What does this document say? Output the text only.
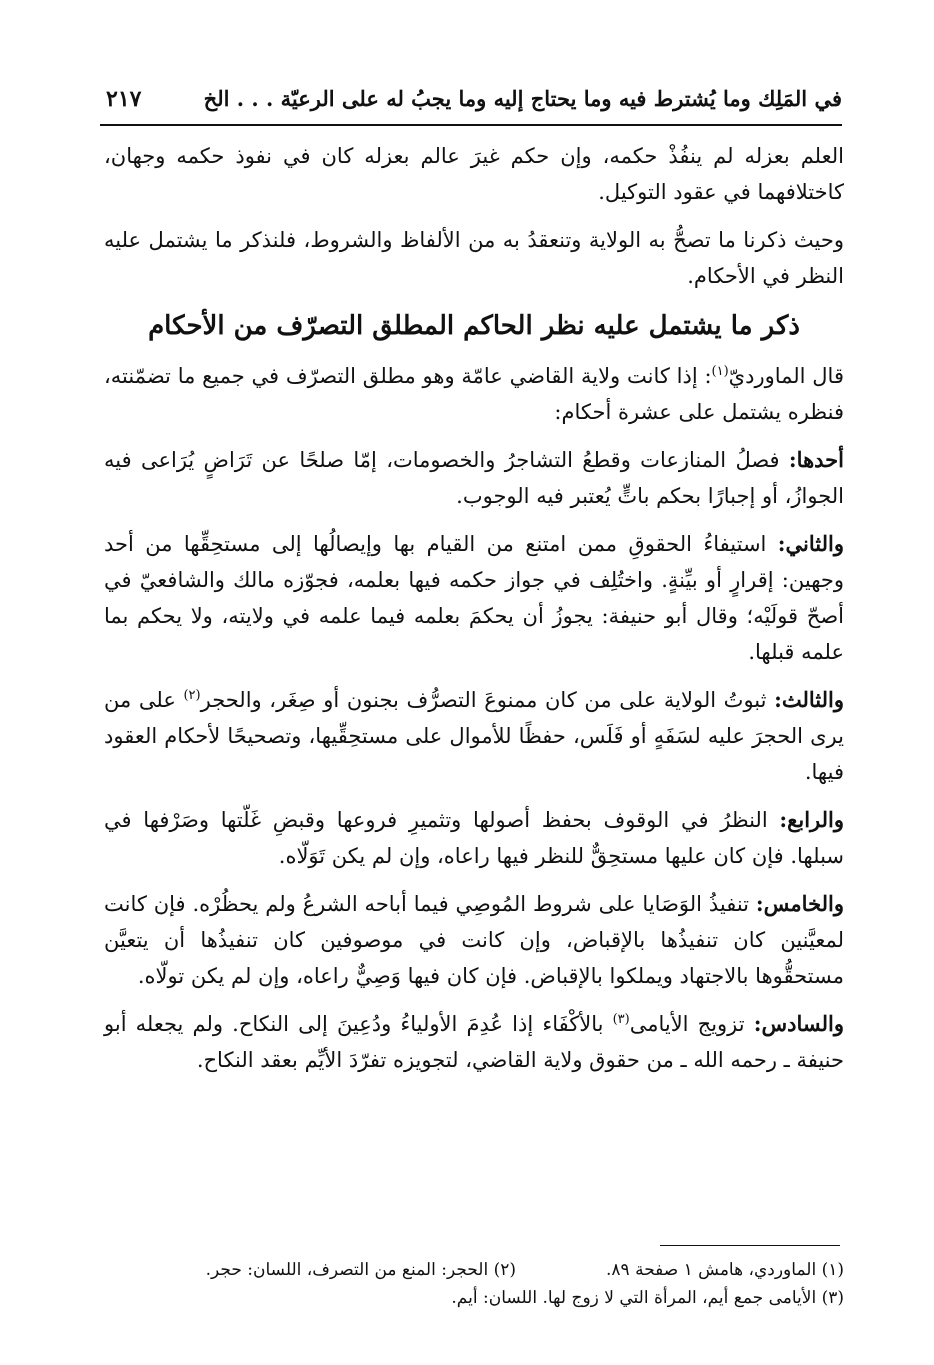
في المَلِك وما يُشترط فيه وما يحتاج إليه وما يجبُ له على الرعيّة . . . الخ
٢١٧

العلم بعزله لم ينفُذْ حكمه، وإن حكم غيرَ عالم بعزله كان في نفوذ حكمه وجهان، كاختلافهما في عقود التوكيل.

وحيث ذكرنا ما تصحُّ به الولاية وتنعقدُ به من الألفاظ والشروط، فلنذكر ما يشتمل عليه النظر في الأحكام.

ذكر ما يشتمل عليه نظر الحاكم المطلق التصرّف من الأحكام

قال الماورديّ$^{(١)}$: إذا كانت ولاية القاضي عامّة وهو مطلق التصرّف في جميع ما تضمّنته، فنظره يشتمل على عشرة أحكام:

أحدها: فصلُ المنازعات وقطعُ التشاجرُ والخصومات، إمّا صلحًا عن تَرَاضٍ يُرَاعى فيه الجوازُ، أو إجبارًا بحكم باتٍّ يُعتبر فيه الوجوب.

والثاني: استيفاءُ الحقوقِ ممن امتنع من القيام بها وإيصالُها إلى مستحِقِّها من أحد وجهين: إقرارٍ أو بيِّنةٍ. واختُلِف في جواز حكمه فيها بعلمه، فجوّزه مالك والشافعيّ في أصحّ قولَيْه؛ وقال أبو حنيفة: يجوزُ أن يحكمَ بعلمه فيما علمه في ولايته، ولا يحكم بما علمه قبلها.

والثالث: ثبوتُ الولاية على من كان ممنوعَ التصرُّف بجنون أو صِغَر، والحجر$^{(٢)}$ على من يرى الحجرَ عليه لسَفَهٍ أو فَلَس، حفظًا للأموال على مستحِقِّيها، وتصحيحًا لأحكام العقود فيها.

والرابع: النظرُ في الوقوف بحفظ أصولها وتثميرِ فروعها وقبضِ غَلّتها وصَرْفها في سبلها. فإن كان عليها مستحِقٌّ للنظر فيها راعاه، وإن لم يكن تَوَلّاه.

والخامس: تنفيذُ الوَصَايا على شروط المُوصِي فيما أباحه الشرعُ ولم يحظُرْه. فإن كانت لمعيَّنين كان تنفيذُها بالإقباض، وإن كانت في موصوفين كان تنفيذُها أن يتعيَّن مستحقُّوها بالاجتهاد ويملكوا بالإقباض. فإن كان فيها وَصِيٌّ راعاه، وإن لم يكن تولّاه.

والسادس: تزويج الأيامى$^{(٣)}$ بالأكْفَاء إذا عُدِمَ الأولياءُ ودُعِينَ إلى النكاح. ولم يجعله أبو حنيفة ـ رحمه الله ـ من حقوق ولاية القاضي، لتجويزه تفرّدَ الأيِّم بعقد النكاح.

(١) الماوردي، هامش ١ صفحة ٨٩.(٢) الحجر: المنع من التصرف، اللسان: حجر.
(٣) الأيامى جمع أيم، المرأة التي لا زوج لها. اللسان: أيم.
